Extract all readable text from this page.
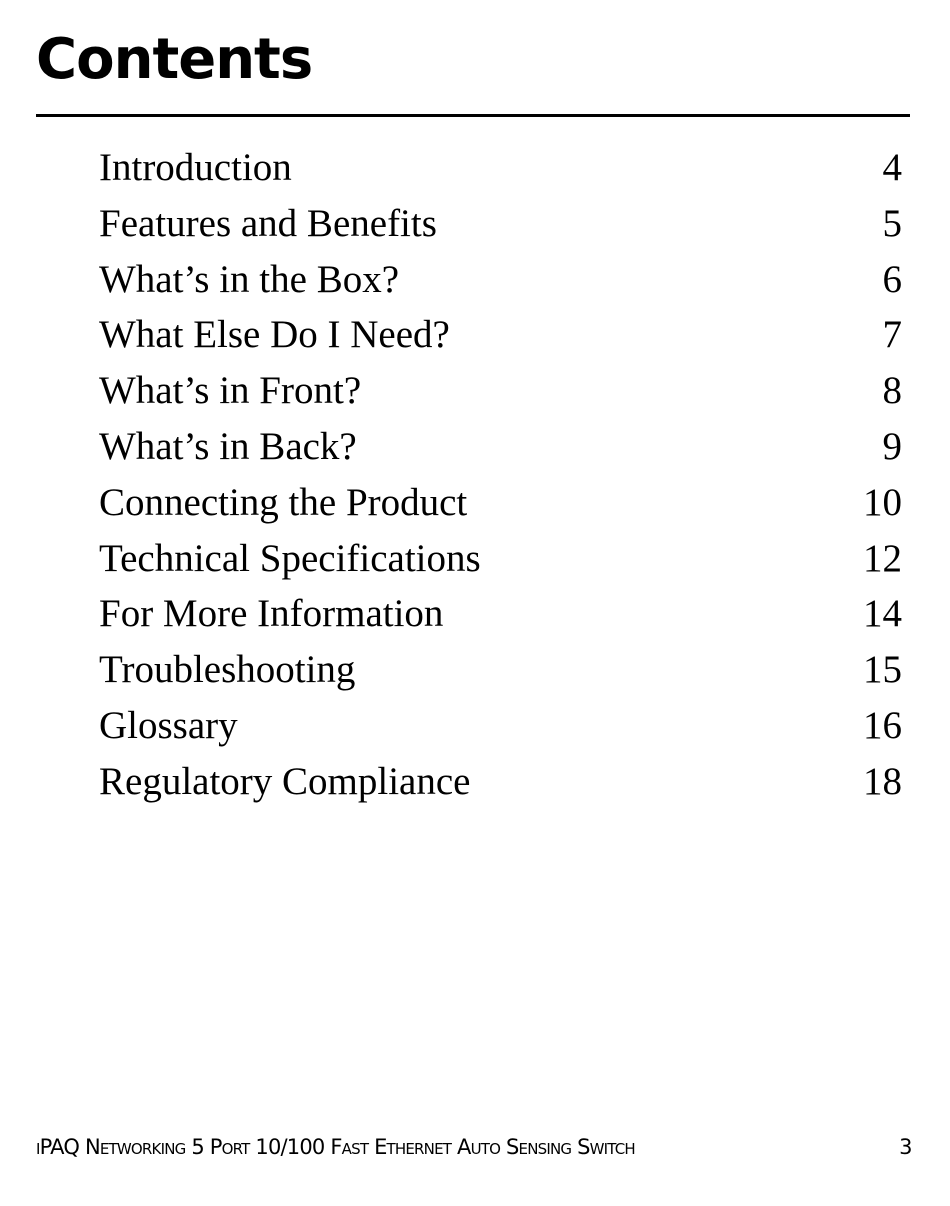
Contents
Introduction	4
Features and Benefits	5
What’s in the Box?	6
What Else Do I Need?	7
What’s in Front?	8
What’s in Back?	9
Connecting the Product	10
Technical Specifications	12
For More Information	14
Troubleshooting	15
Glossary	16
Regulatory Compliance	18
iPAQ Networking 5 Port 10/100 Fast Ethernet Auto Sensing Switch	3
